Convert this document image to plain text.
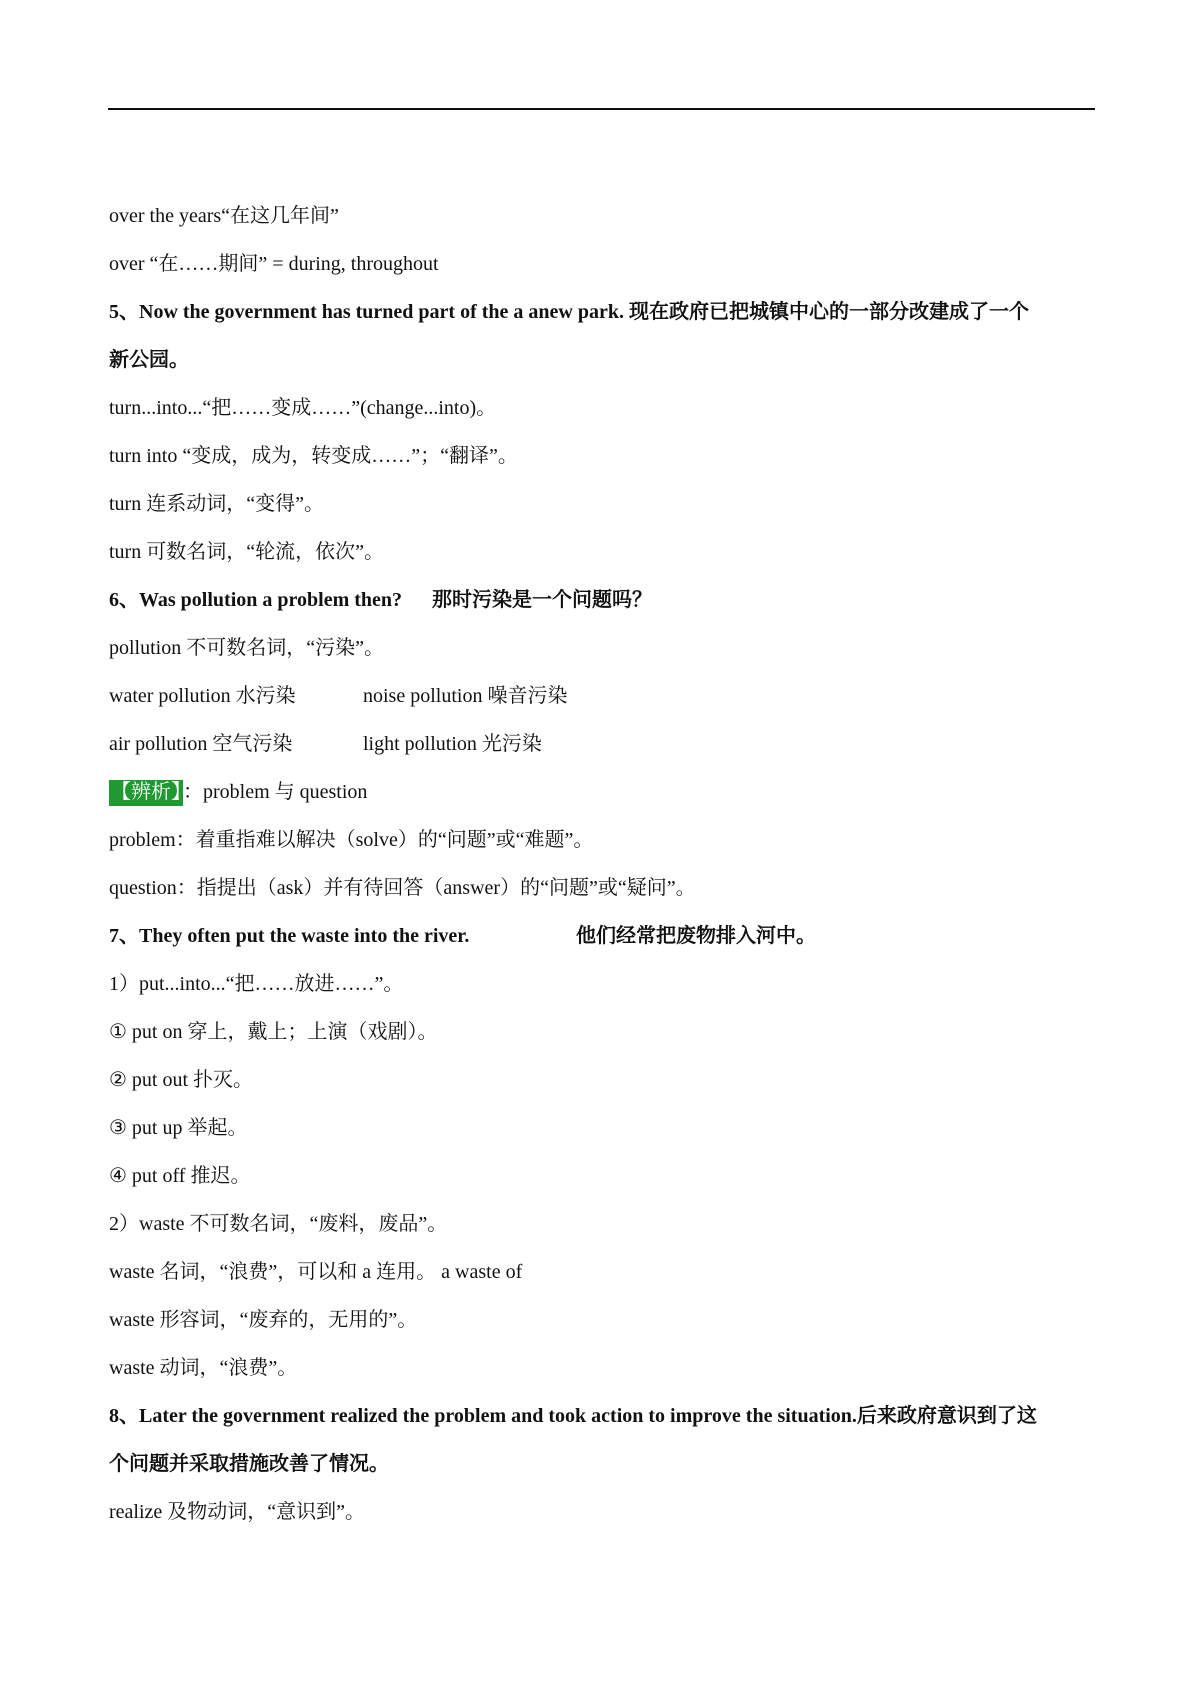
over the years“在这几年间”
over “在……期间” = during, throughout
5、Now the government has turned part of the a anew park. 现在政府已把城镇中心的一部分改建成了一个
新公园。
turn...into...“把……变成……”(change...into)。
turn into “变成，成为，转变成……”；“翻译”。
turn 连系动词，“变得”。
turn 可数名词，“轮流，依次”。
6、Was pollution a problem then? 那时污染是一个问题吗？
pollution 不可数名词，“污染”。
water pollution 水污染	noise pollution 噪音污染
air pollution 空气污染	light pollution 光污染
【辨析】 ：problem 与 question
problem：着重指难以解决（solve）的“问题”或“难题”。
question：指提出（ask）并有待回答（answer）的“问题”或“疑问”。
7、They often put the waste into the river.	他们经常把废物排入河中。
1）put...into...“把……放进……”。
① put on 穿上，戴上；上演（戏剧）。
② put out 扑灭。
③ put up 举起。
④ put off 推迟。
2）waste 不可数名词，“废料，废品”。
waste 名词，“浪费”，可以和 a 连用。 a waste of
waste 形容词，“废弃的，无用的”。
waste 动词，“浪费”。
8、Later the government realized the problem and took action to improve the situation.后来政府意识到了这
个问题并采取措施改善了情况。
realize 及物动词，“意识到”。
